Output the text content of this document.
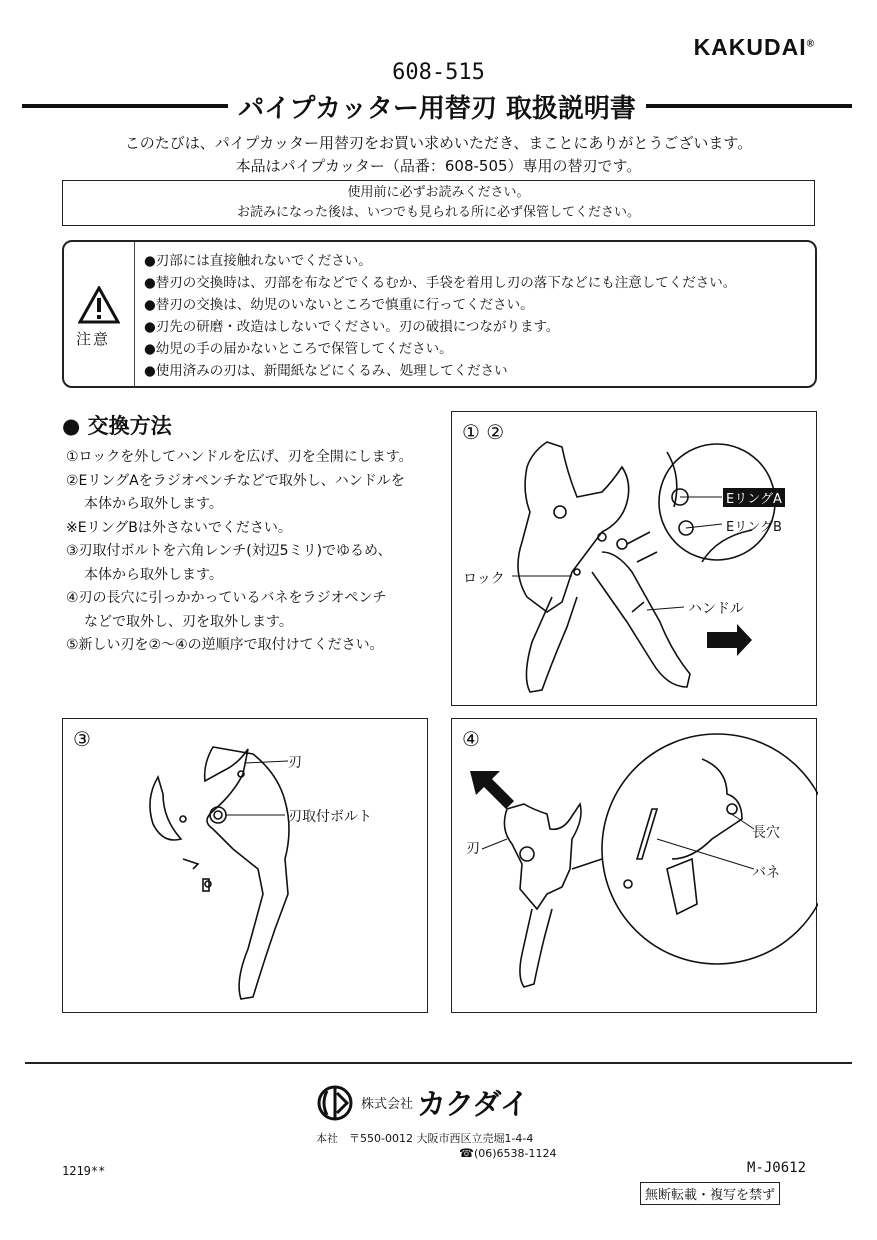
KAKUDAI®
608-515
パイプカッター用替刃 取扱説明書
このたびは、パイプカッター用替刃をお買い求めいただき、まことにありがとうございます。
本品はパイプカッター（品番：608-505）専用の替刃です。
使用前に必ずお読みください。
お読みになった後は、いつでも見られる所に必ず保管してください。
注意
●刃部には直接触れないでください。
●替刃の交換時は、刃部を布などでくるむか、手袋を着用し刃の落下などにも注意してください。
●替刃の交換は、幼児のいないところで慎重に行ってください。
●刃先の研磨・改造はしないでください。刃の破損につながります。
●幼児の手の届かないところで保管してください。
●使用済みの刃は、新聞紙などにくるみ、処理してください
● 交換方法
①ロックを外してハンドルを広げ、刃を全開にします。
②EリングAをラジオペンチなどで取外し、ハンドルを
本体から取外します。
※EリングBは外さないでください。
③刃取付ボルトを六角レンチ(対辺5ミリ)でゆるめ、
本体から取外します。
④刃の長穴に引っかかっているバネをラジオペンチ
などで取外し、刃を取外します。
⑤新しい刃を②～④の逆順序で取付けてください。
① ②
EリングA
EリングB
ロック
ハンドル
③
刃
刃取付ボルト
④
刃
長穴
バネ
株式会社 カクダイ
本社　〒550-0012 大阪市西区立売堀1-4-4
☎(06)6538-1124
1219**	M-J0612
無断転載・複写を禁ず
